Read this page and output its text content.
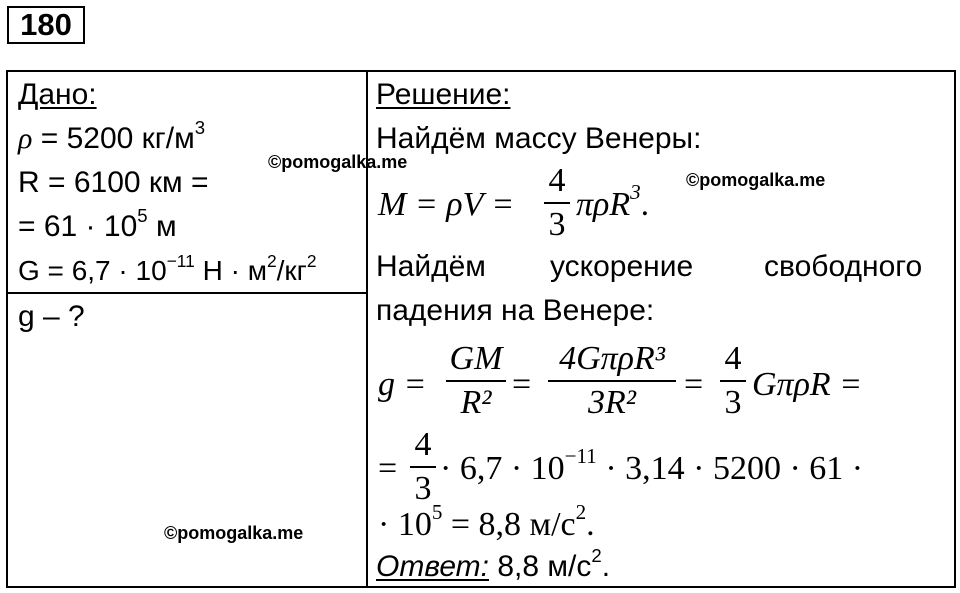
180
Дано:
ρ = 5200 $кг/м^3$
R = 6100 км =
= $61 \cdot 10^5$ м
$G = 6,7 \cdot 10^{-11}$ $Н \cdot м^2/кг^2$
g – ?
Решение:
Найдём массу Венеры:
M = ρV =
4
3
πρR$^3$.
Найдём ускорение свободного
падения на Венере:
g =
GM
R² =
4GπρR³
3R²	=
4
3 GπρR =
=
4
3
· $6,7 \cdot 10^{-11} \cdot 3,14 \cdot 5200 \cdot 61$ ·
· $10^5 = 8,8$ $м/с^2$.
Ответ: 8,8 $м/с^2$.
©pomogalka.me
©pomogalka.me
©pomogalka.me
